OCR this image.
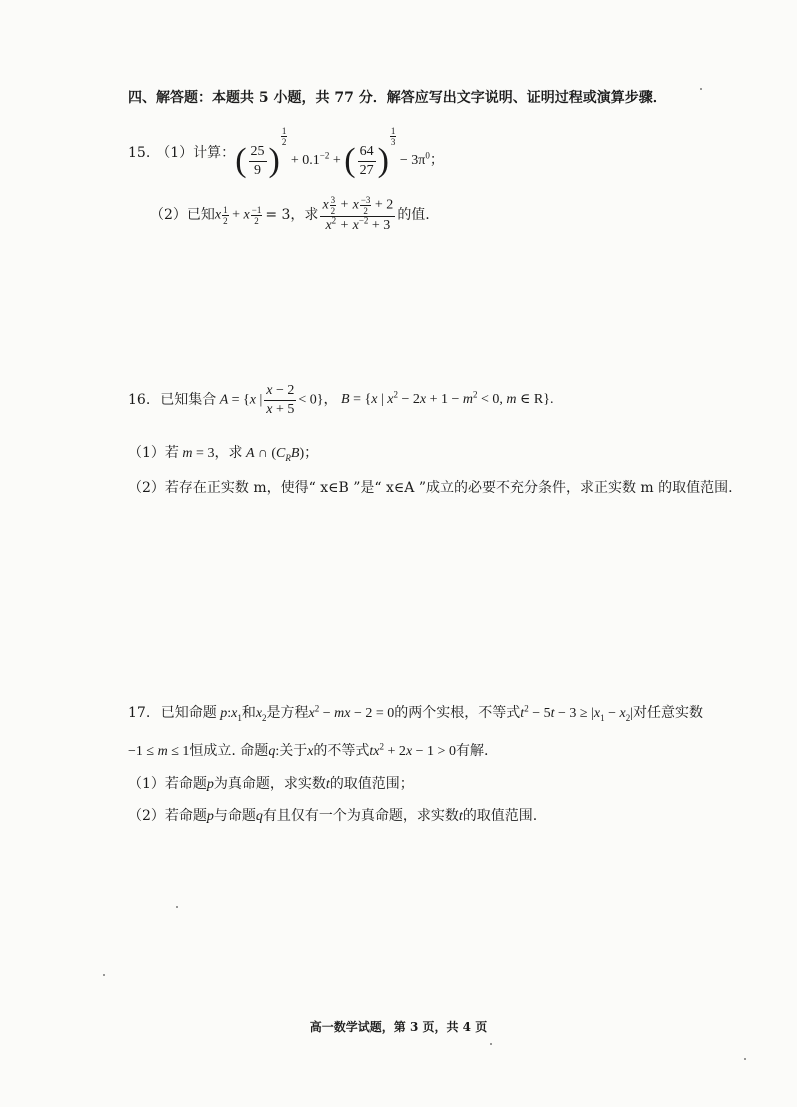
四、解答题：本题共 5 小题，共 77 分．解答应写出文字说明、证明过程或演算步骤．
15. （1）计算： ( $\frac{25}{9}$ )
$\frac{1}{2}$
+ $0.1^{-2}$ + ( $\frac{64}{27}$ )
$\frac{1}{3}$
− $3\pi^0$；
（2）已知 x $\frac{1}{2} + x \frac{-1}{2} = 3$，求 $\frac{x \frac{3}{2} + x \frac{-3}{2} + 2}{x^2 + x^{-2} + 3}$ 的值.
16. 已知集合 A = {x | $\frac{x - 2}{x + 5} < 0$}， B = {x | $x^2 - 2x + 1 - m^2 < 0$, m ∈ R}.
（1）若 m = 3，求 A ∩ $(C_RB)$；
（2）若存在正实数 m，使得“ x∈B ”是“ x∈A ”成立的必要不充分条件，求正实数 m 的取值范围.
17. 已知命题 $p:x_1$和$x_2$是方程$x^2$ − mx − 2 = 0的两个实根，不等式$t^2 - 5t - 3 \ge |x_1 - x_2|$对任意实数
−1 ≤ m ≤ 1恒成立. 命题q:关于x的不等式$tx^2 + 2x - 1 > 0$有解.
（1）若命题p为真命题，求实数t的取值范围；
（2）若命题p与命题q有且仅有一个为真命题，求实数t的取值范围.
高一数学试题，第 3 页，共 4 页
